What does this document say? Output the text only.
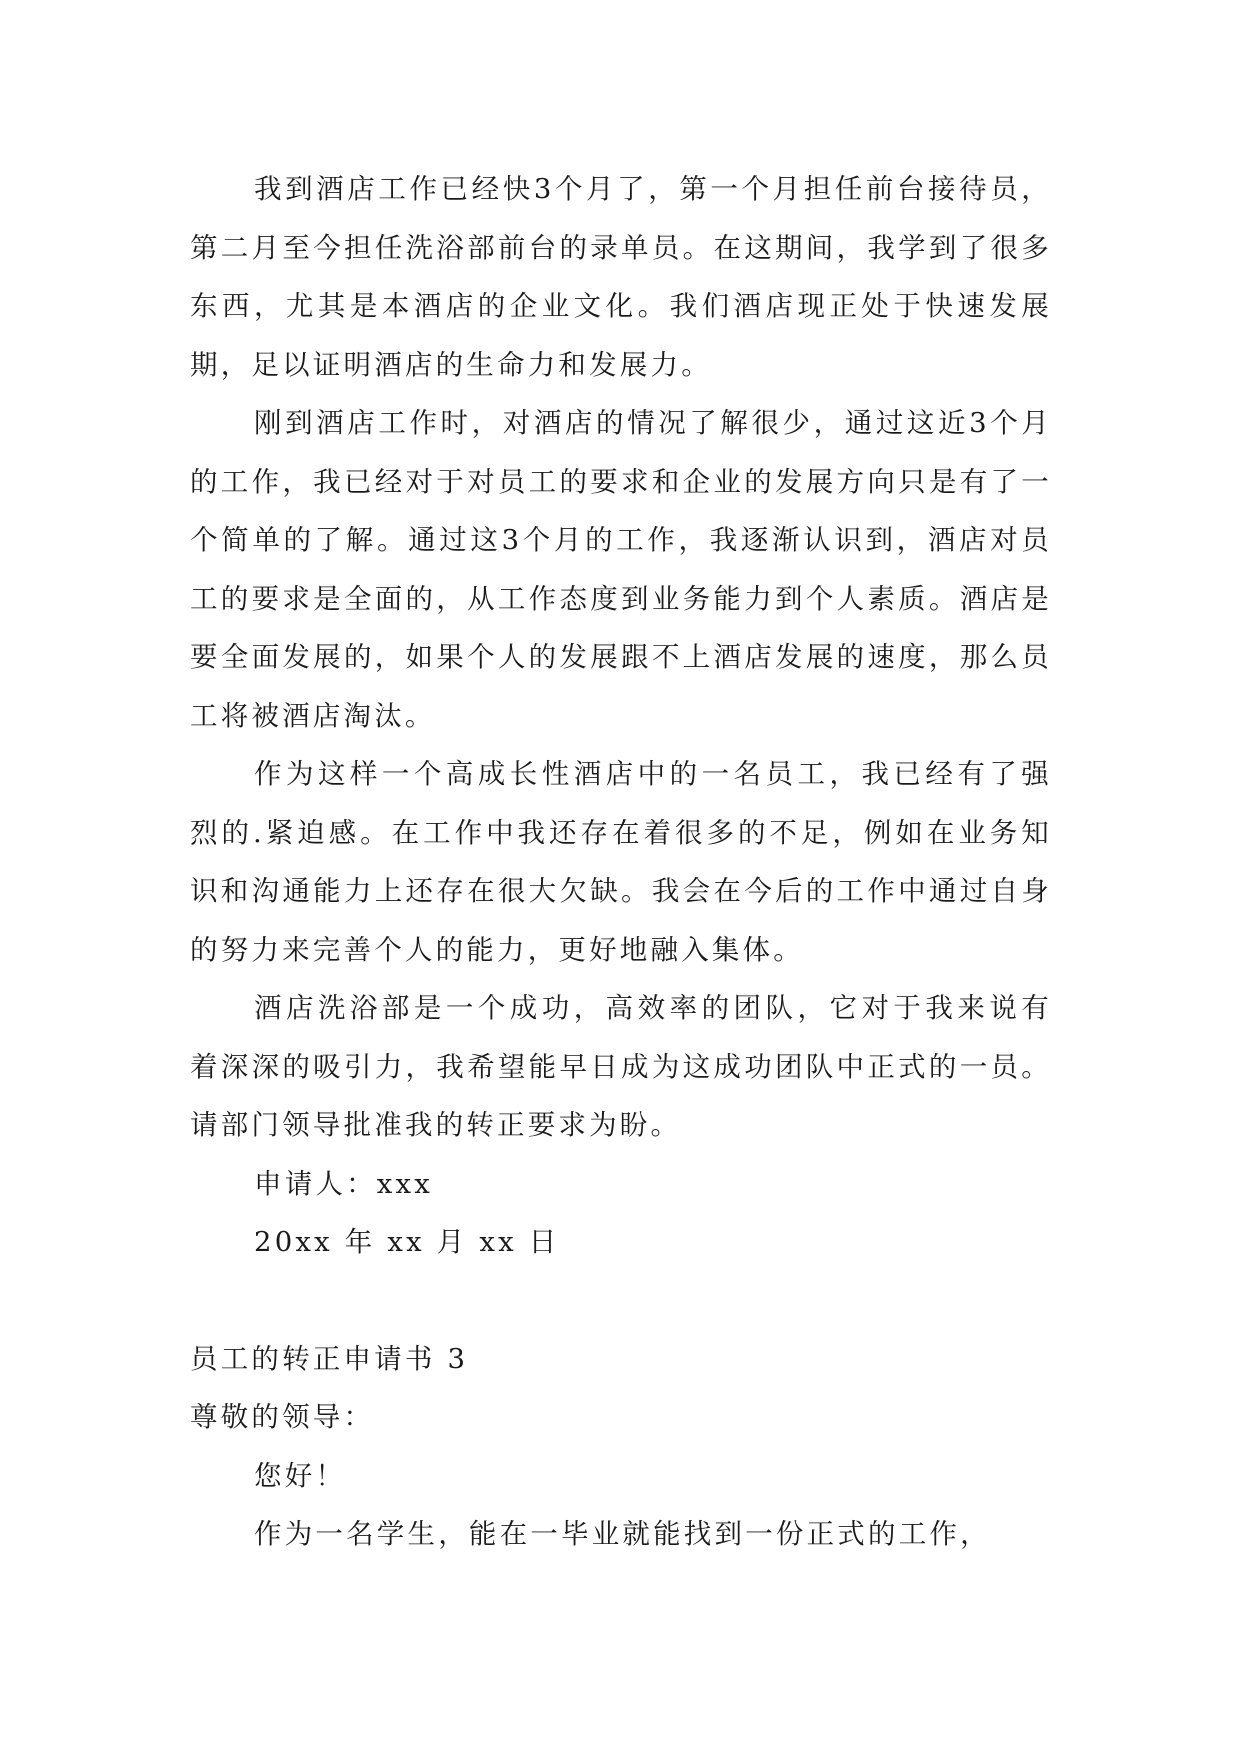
我到酒店工作已经快3个月了，第一个月担任前台接待员，第二月至今担任洗浴部前台的录单员。在这期间，我学到了很多东西，尤其是本酒店的企业文化。我们酒店现正处于快速发展期，足以证明酒店的生命力和发展力。

刚到酒店工作时，对酒店的情况了解很少，通过这近3个月的工作，我已经对于对员工的要求和企业的发展方向只是有了一个简单的了解。通过这3个月的工作，我逐渐认识到，酒店对员工的要求是全面的，从工作态度到业务能力到个人素质。酒店是要全面发展的，如果个人的发展跟不上酒店发展的速度，那么员工将被酒店淘汰。

作为这样一个高成长性酒店中的一名员工，我已经有了强烈的.紧迫感。在工作中我还存在着很多的不足，例如在业务知识和沟通能力上还存在很大欠缺。我会在今后的工作中通过自身的努力来完善个人的能力，更好地融入集体。

酒店洗浴部是一个成功，高效率的团队，它对于我来说有着深深的吸引力，我希望能早日成为这成功团队中正式的一员。请部门领导批准我的转正要求为盼。

申请人：xxx

20xx 年 xx 月 xx 日

员工的转正申请书 3

尊敬的领导：

您好！

作为一名学生，能在一毕业就能找到一份正式的工作，
